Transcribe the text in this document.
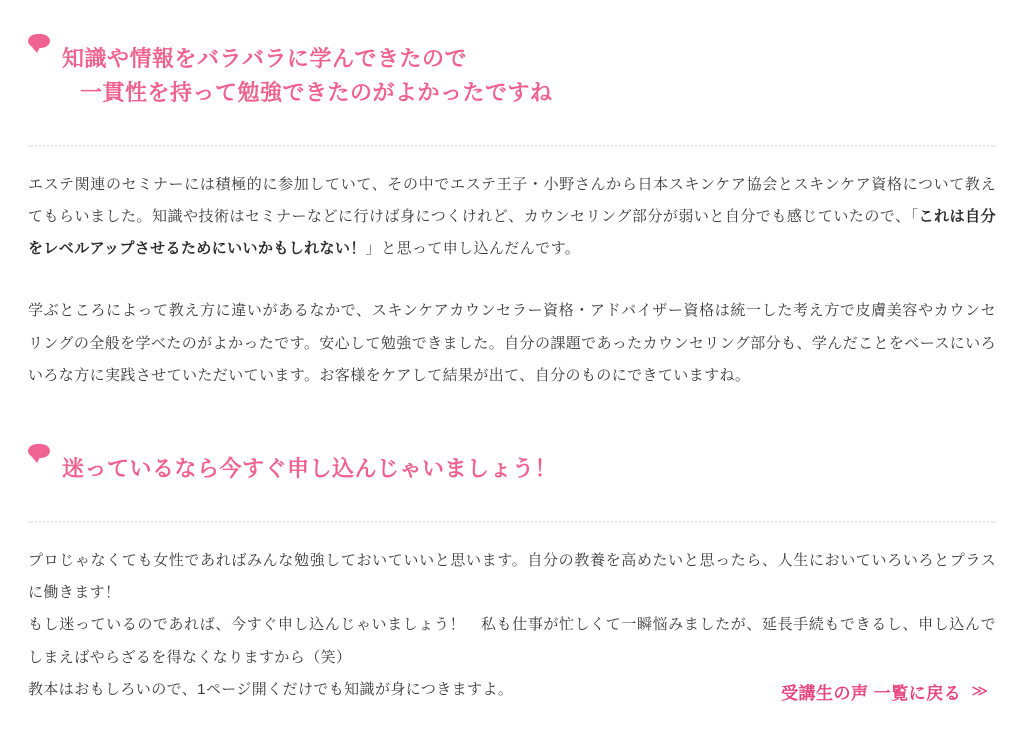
知識や情報をバラバラに学んできたので
一貫性を持って勉強できたのがよかったですね

エステ関連のセミナーには積極的に参加していて、その中でエステ王子・小野さんから日本スキンケア協会とスキンケア資格について教えてもらいました。知識や技術はセミナーなどに行けば身につくけれど、カウンセリング部分が弱いと自分でも感じていたので、「これは自分をレベルアップさせるためにいいかもしれない！」と思って申し込んだんです。

学ぶところによって教え方に違いがあるなかで、スキンケアカウンセラー資格・アドバイザー資格は統一した考え方で皮膚美容やカウンセリングの全般を学べたのがよかったです。安心して勉強できました。自分の課題であったカウンセリング部分も、学んだことをベースにいろいろな方に実践させていただいています。お客様をケアして結果が出て、自分のものにできていますね。

迷っているなら今すぐ申し込んじゃいましょう！

プロじゃなくても女性であればみんな勉強しておいていいと思います。自分の教養を高めたいと思ったら、人生においていろいろとプラスに働きます！

もし迷っているのであれば、今すぐ申し込んじゃいましょう！　私も仕事が忙しくて一瞬悩みましたが、延長手続もできるし、申し込んでしまえばやらざるを得なくなりますから（笑）

教本はおもしろいので、1ページ開くだけでも知識が身につきますよ。	受講生の声 一覧に戻る ≫
